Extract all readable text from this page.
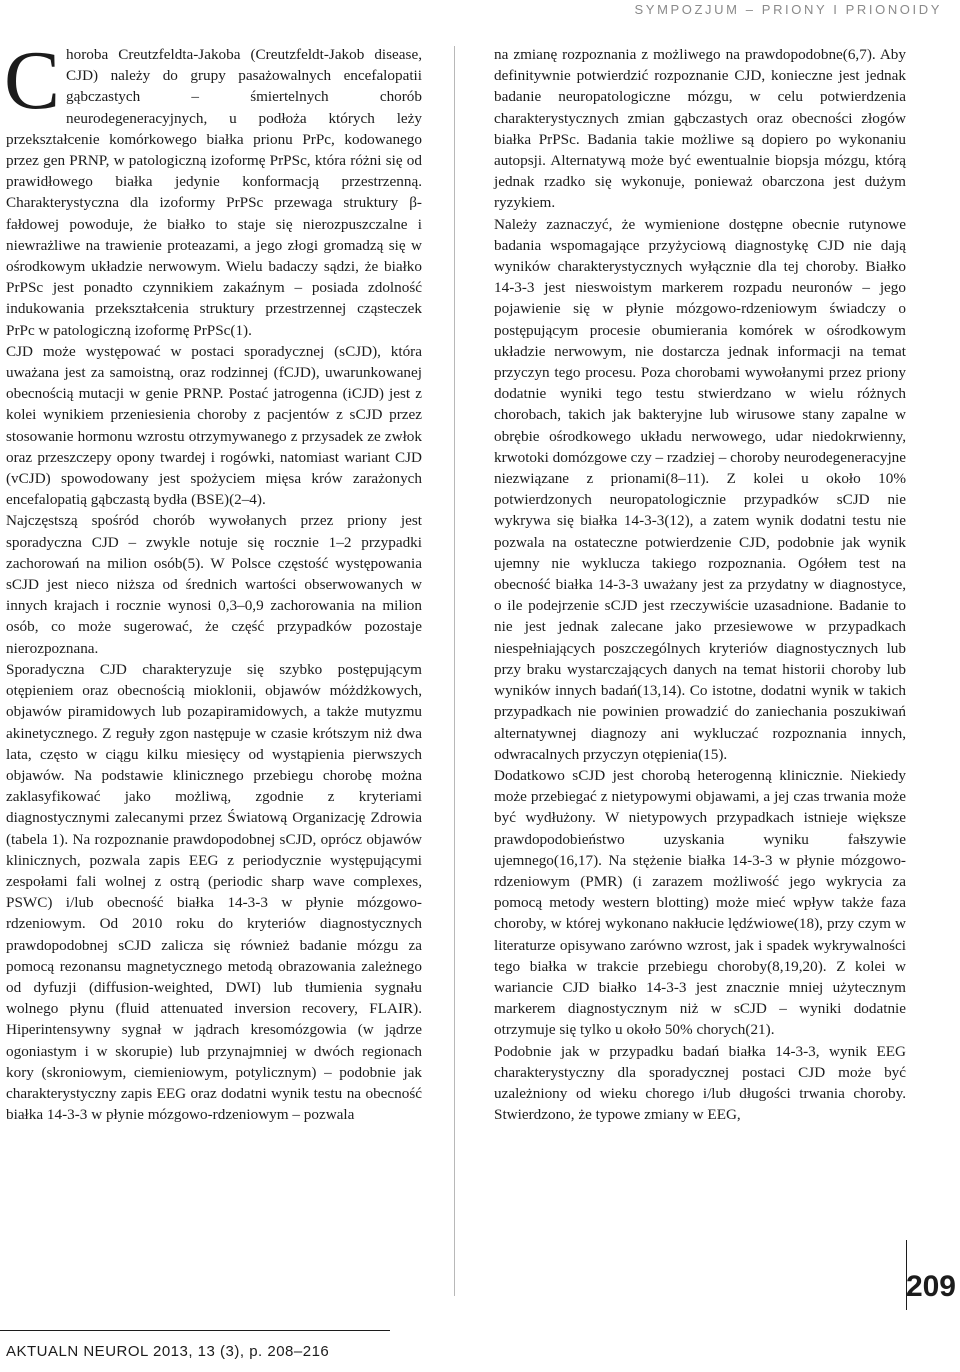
SYMPOZJUM – PRIONY I PRIONOIDY

Choroba Creutzfeldta-Jakoba (Creutzfeldt-Jakob disease, CJD) należy do grupy pasażowalnych encefalopatii gąbczastych – śmiertelnych chorób neurodegeneracyjnych, u podłoża których leży przekształcenie komórkowego białka prionu PrPc, kodowanego przez gen PRNP, w patologiczną izoformę PrPSc, która różni się od prawidłowego białka jedynie konformacją przestrzenną. Charakterystyczna dla izoformy PrPSc przewaga struktury β-fałdowej powoduje, że białko to staje się nierozpuszczalne i niewrażliwe na trawienie proteazami, a jego złogi gromadzą się w ośrodkowym układzie nerwowym. Wielu badaczy sądzi, że białko PrPSc jest ponadto czynnikiem zakaźnym – posiada zdolność indukowania przekształcenia struktury przestrzennej cząsteczek PrPc w patologiczną izoformę PrPSc(1).

CJD może występować w postaci sporadycznej (sCJD), która uważana jest za samoistną, oraz rodzinnej (fCJD), uwarunkowanej obecnością mutacji w genie PRNP. Postać jatrogenna (iCJD) jest z kolei wynikiem przeniesienia choroby z pacjentów z sCJD przez stosowanie hormonu wzrostu otrzymywanego z przysadek ze zwłok oraz przeszczepy opony twardej i rogówki, natomiast wariant CJD (vCJD) spowodowany jest spożyciem mięsa krów zarażonych encefalopatią gąbczastą bydła (BSE)(2–4).

Najczęstszą spośród chorób wywołanych przez priony jest sporadyczna CJD – zwykle notuje się rocznie 1–2 przypadki zachorowań na milion osób(5). W Polsce częstość występowania sCJD jest nieco niższa od średnich wartości obserwowanych w innych krajach i rocznie wynosi 0,3–0,9 zachorowania na milion osób, co może sugerować, że część przypadków pozostaje nierozpoznana.

Sporadyczna CJD charakteryzuje się szybko postępującym otępieniem oraz obecnością mioklonii, objawów móżdżkowych, objawów piramidowych lub pozapiramidowych, a także mutyzmu akinetycznego. Z reguły zgon następuje w czasie krótszym niż dwa lata, często w ciągu kilku miesięcy od wystąpienia pierwszych objawów. Na podstawie klinicznego przebiegu chorobę można zaklasyfikować jako możliwą, zgodnie z kryteriami diagnostycznymi zalecanymi przez Światową Organizację Zdrowia (tabela 1). Na rozpoznanie prawdopodobnej sCJD, oprócz objawów klinicznych, pozwala zapis EEG z periodycznie występującymi zespołami fali wolnej z ostrą (periodic sharp wave complexes, PSWC) i/lub obecność białka 14-3-3 w płynie mózgowo-rdzeniowym. Od 2010 roku do kryteriów diagnostycznych prawdopodobnej sCJD zalicza się również badanie mózgu za pomocą rezonansu magnetycznego metodą obrazowania zależnego od dyfuzji (diffusion-weighted, DWI) lub tłumienia sygnału wolnego płynu (fluid attenuated inversion recovery, FLAIR). Hiperintensywny sygnał w jądrach kresomózgowia (w jądrze ogoniastym i w skorupie) lub przynajmniej w dwóch regionach kory (skroniowym, ciemieniowym, potylicznym) – podobnie jak charakterystyczny zapis EEG oraz dodatni wynik testu na obecność białka 14-3-3 w płynie mózgowo-rdzeniowym – pozwala

na zmianę rozpoznania z możliwego na prawdopodobne(6,7). Aby definitywnie potwierdzić rozpoznanie CJD, konieczne jest jednak badanie neuropatologiczne mózgu, w celu potwierdzenia charakterystycznych zmian gąbczastych oraz obecności złogów białka PrPSc. Badania takie możliwe są dopiero po wykonaniu autopsji. Alternatywą może być ewentualnie biopsja mózgu, którą jednak rzadko się wykonuje, ponieważ obarczona jest dużym ryzykiem.

Należy zaznaczyć, że wymienione dostępne obecnie rutynowe badania wspomagające przyżyciową diagnostykę CJD nie dają wyników charakterystycznych wyłącznie dla tej choroby. Białko 14-3-3 jest nieswoistym markerem rozpadu neuronów – jego pojawienie się w płynie mózgowo-rdzeniowym świadczy o postępującym procesie obumierania komórek w ośrodkowym układzie nerwowym, nie dostarcza jednak informacji na temat przyczyn tego procesu. Poza chorobami wywołanymi przez priony dodatnie wyniki tego testu stwierdzano w wielu różnych chorobach, takich jak bakteryjne lub wirusowe stany zapalne w obrębie ośrodkowego układu nerwowego, udar niedokrwienny, krwotoki domózgowe czy – rzadziej – choroby neurodegeneracyjne niezwiązane z prionami(8–11). Z kolei u około 10% potwierdzonych neuropatologicznie przypadków sCJD nie wykrywa się białka 14-3-3(12), a zatem wynik dodatni testu nie pozwala na ostateczne potwierdzenie CJD, podobnie jak wynik ujemny nie wyklucza takiego rozpoznania. Ogółem test na obecność białka 14-3-3 uważany jest za przydatny w diagnostyce, o ile podejrzenie sCJD jest rzeczywiście uzasadnione. Badanie to nie jest jednak zalecane jako przesiewowe w przypadkach niespełniających poszczególnych kryteriów diagnostycznych lub przy braku wystarczających danych na temat historii choroby lub wyników innych badań(13,14). Co istotne, dodatni wynik w takich przypadkach nie powinien prowadzić do zaniechania poszukiwań alternatywnej diagnozy ani wykluczać rozpoznania innych, odwracalnych przyczyn otępienia(15).

Dodatkowo sCJD jest chorobą heterogenną klinicznie. Niekiedy może przebiegać z nietypowymi objawami, a jej czas trwania może być wydłużony. W nietypowych przypadkach istnieje większe prawdopodobieństwo uzyskania wyniku fałszywie ujemnego(16,17). Na stężenie białka 14-3-3 w płynie mózgowo-rdzeniowym (PMR) (i zarazem możliwość jego wykrycia za pomocą metody western blotting) może mieć wpływ także faza choroby, w której wykonano nakłucie lędźwiowe(18), przy czym w literaturze opisywano zarówno wzrost, jak i spadek wykrywalności tego białka w trakcie przebiegu choroby(8,19,20). Z kolei w wariancie CJD białko 14-3-3 jest znacznie mniej użytecznym markerem diagnostycznym niż w sCJD – wyniki dodatnie otrzymuje się tylko u około 50% chorych(21).

Podobnie jak w przypadku badań białka 14-3-3, wynik EEG charakterystyczny dla sporadycznej postaci CJD może być uzależniony od wieku chorego i/lub długości trwania choroby. Stwierdzono, że typowe zmiany w EEG,

209
AKTUALN NEUROL 2013, 13 (3), p. 208–216
